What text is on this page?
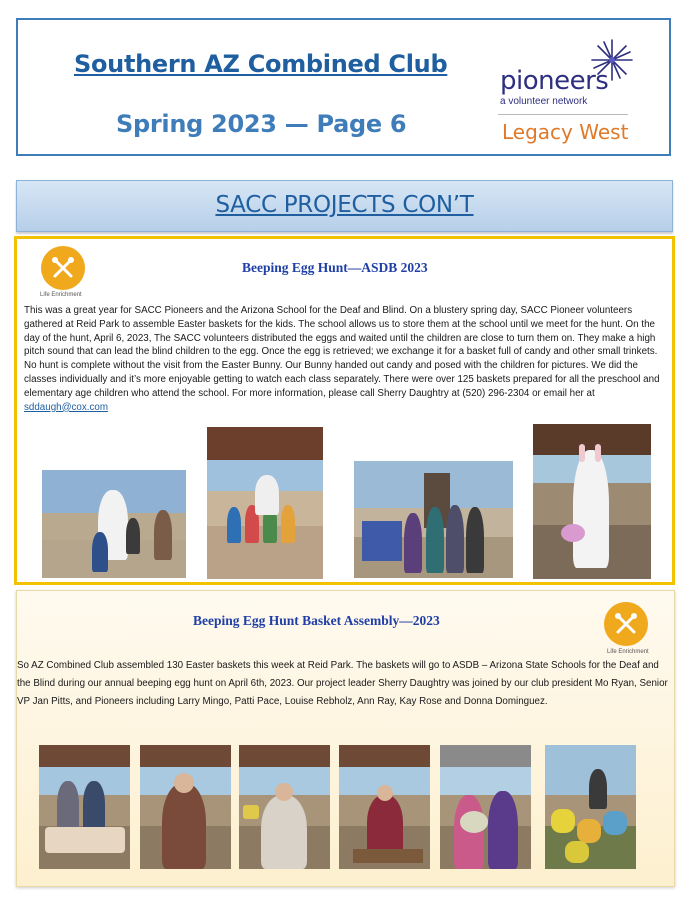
Southern AZ Combined Club
Spring 2023 — Page 6
pioneers
a volunteer network
Legacy West
SACC PROJECTS CON’T
Life Enrichment
Beeping Egg Hunt—ASDB 2023

This was a great year for SACC Pioneers and the Arizona School for the Deaf and Blind. On a blustery spring day, SACC Pioneer volunteers gathered at Reid Park to assemble Easter baskets for the kids. The school allows us to store them at the school until we meet for the hunt. On the day of the hunt, April 6, 2023, The SACC volunteers distributed the eggs and waited until the children are close to turn them on. They make a high pitch sound that can lead the blind children to the egg. Once the egg is retrieved; we exchange it for a basket full of candy and other small trinkets. No hunt is complete without the visit from the Easter Bunny. Our Bunny handed out candy and posed with the children for pictures. We did the classes individually and it’s more enjoyable getting to watch each class separately. There were over 125 baskets prepared for all the preschool and elementary age children who attend the school. For more information, please call Sherry Daughtry at (520) 296-2304 or email her at sddaugh@cox.com

Beeping Egg Hunt Basket Assembly—2023
Life Enrichment

So AZ Combined Club assembled 130 Easter baskets this week at Reid Park. The baskets will go to ASDB – Arizona State Schools for the Deaf and the Blind during our annual beeping egg hunt on April 6th, 2023. Our project leader Sherry Daughtry was joined by our club president Mo Ryan, Senior VP Jan Pitts, and Pioneers including Larry Mingo, Patti Pace, Louise Rebholz, Ann Ray, Kay Rose and Donna Dominguez.
